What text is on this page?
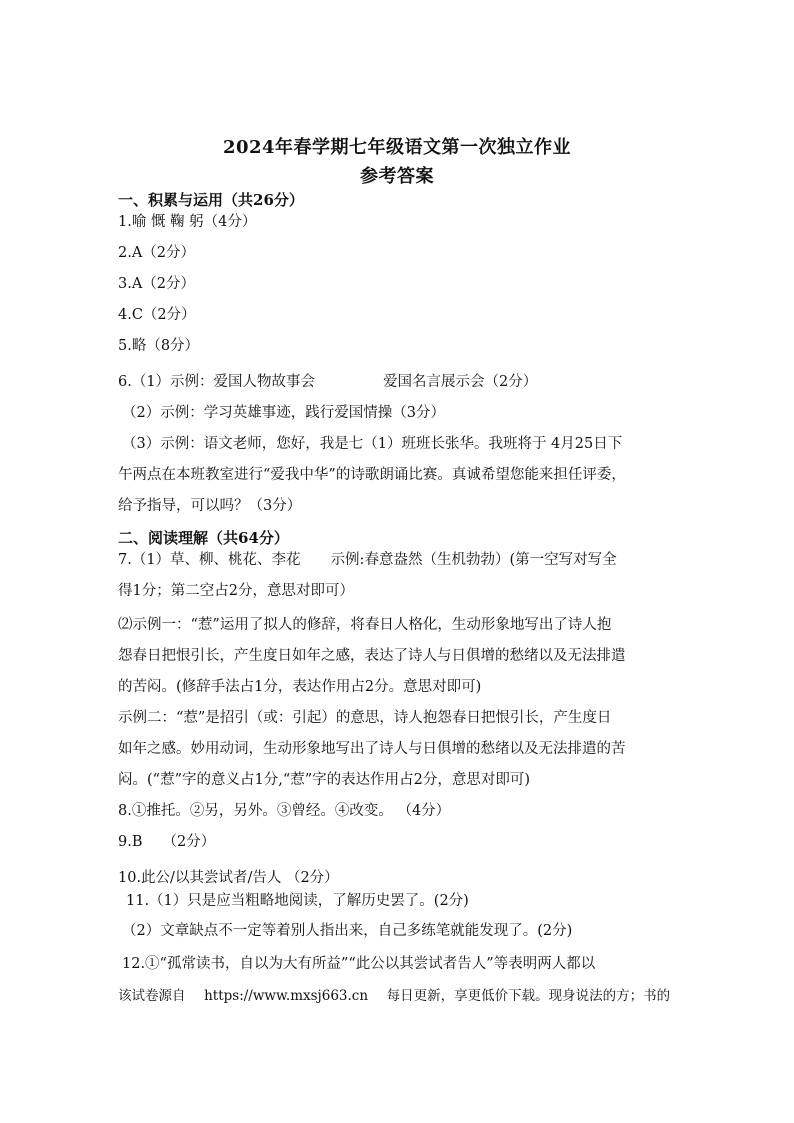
2024年春学期七年级语文第一次独立作业
参考答案
一、积累与运用（共26分）
1.喻 慨 鞠 躬（4分）
2.A（2分）
3.A（2分）
4.C（2分）
5.略（8分）
6.（1）示例：爱国人物故事会	爱国名言展示会（2分）
（2）示例：学习英雄事迹，践行爱国情操（3分）
（3）示例：语文老师，您好，我是七（1）班班长张华。我班将于 4月25日下
午两点在本班教室进行“爱我中华”的诗歌朗诵比赛。真诚希望您能来担任评委，
给予指导，可以吗？（3分）
二、阅读理解（共64分）
7.（1）草、柳、桃花、李花 示例:春意盎然（生机勃勃）(第一空写对写全
得1分；第二空占2分，意思对即可）
⑵示例一：“惹”运用了拟人的修辞，将春日人格化，生动形象地写出了诗人抱
怨春日把恨引长，产生度日如年之感，表达了诗人与日俱增的愁绪以及无法排遣
的苦闷。(修辞手法占1分，表达作用占2分。意思对即可)
示例二：“惹”是招引（或：引起）的意思，诗人抱怨春日把恨引长，产生度日
如年之感。妙用动词，生动形象地写出了诗人与日俱增的愁绪以及无法排遣的苦
闷。(“惹”字的意义占1分,“惹”字的表达作用占2分，意思对即可)
8.①推托。②另，另外。③曾经。④改变。 （4分）
9.B （2分）
10.此公/以其尝试者/告人 （2分）
11.（1）只是应当粗略地阅读，了解历史罢了。(2分)
（2）文章缺点不一定等着别人指出来，自己多练笔就能发现了。(2分)
12.①“孤常读书，自以为大有所益”“此公以其尝试者告人”等表明两人都以
该试卷源自 https://www.mxsj663.cn 每日更新，享更低价下载。现身说法的方；书的
